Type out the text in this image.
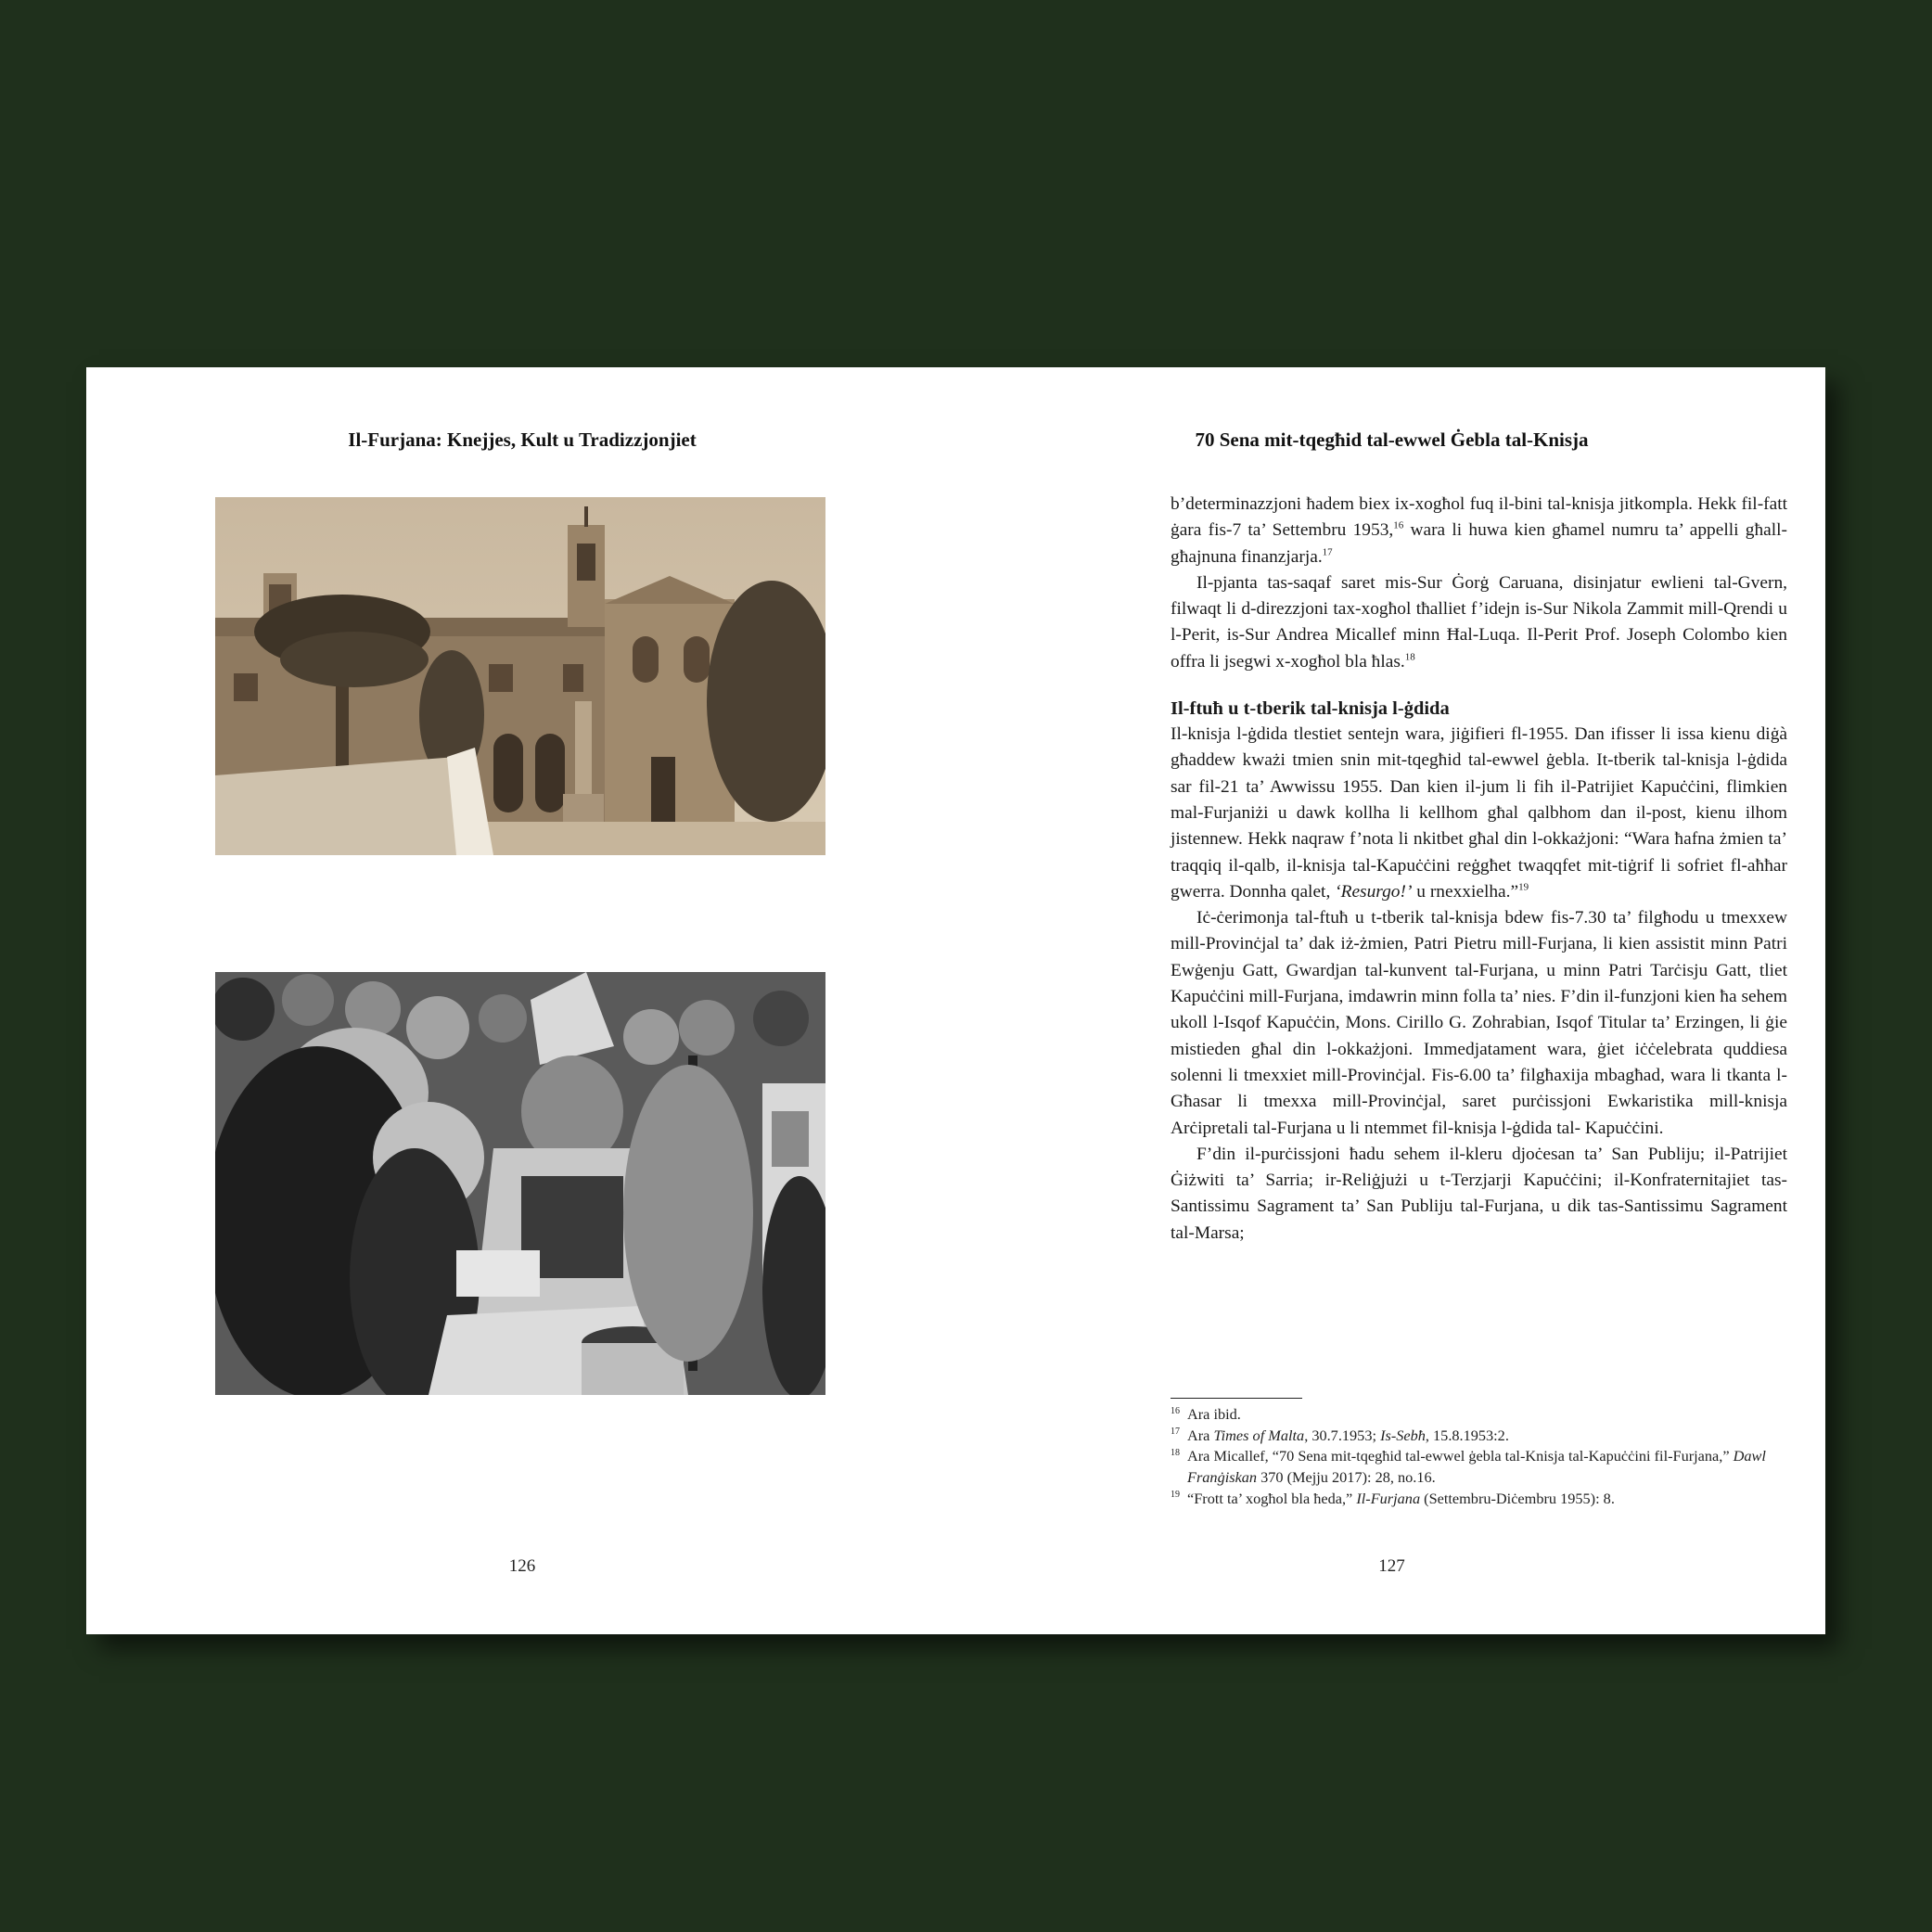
Il-Furjana: Knejjes, Kult u Tradizzjonjiet
126
70 Sena mit-tqegħid tal-ewwel Ġebla tal-Knisja

b’determinazzjoni ħadem biex ix-xogħol fuq il-bini tal-knisja jitkompla. Hekk fil-fatt ġara fis-7 ta’ Settembru 1953,16 wara li huwa kien għamel numru ta’ appelli għall-għajnuna finanzjarja.$^{17}$

Il-pjanta tas-saqaf saret mis-Sur Ġorġ Caruana, disinjatur ewlieni tal-Gvern, filwaqt li d-direzzjoni tax-xogħol tħalliet f’idejn is-Sur Nikola Zammit mill-Qrendi u l-Perit, is-Sur Andrea Micallef minn Ħal-Luqa. Il-Perit Prof. Joseph Colombo kien offra li jsegwi x-xogħol bla ħlas.$^{18}$

Il-ftuħ u t-tberik tal-knisja l-ġdida

Il-knisja l-ġdida tlestiet sentejn wara, jiġifieri fl-1955. Dan ifisser li issa kienu diġà għaddew kważi tmien snin mit-tqegħid tal-ewwel ġebla. It-tberik tal-knisja l-ġdida sar fil-21 ta’ Awwissu 1955. Dan kien il-jum li fih il-Patrijiet Kapuċċini, flimkien mal-Furjaniżi u dawk kollha li kellhom għal qalbhom dan il-post, kienu ilhom jistennew. Hekk naqraw f’nota li nkitbet għal din l-okkażjoni: “Wara ħafna żmien ta’ traqqiq il-qalb, il-knisja tal-Kapuċċini reġgħet twaqqfet mit-tiġrif li sofriet fl-aħħar gwerra. Donnha qalet, ‘Resurgo!’ u rnexxielha.”$^{19}$

Iċ-ċerimonja tal-ftuħ u t-tberik tal-knisja bdew fis-7.30 ta’ filgħodu u tmexxew mill-Provinċjal ta’ dak iż-żmien, Patri Pietru mill-Furjana, li kien assistit minn Patri Ewġenju Gatt, Gwardjan tal-kunvent tal-Furjana, u minn Patri Tarċisju Gatt, tliet Kapuċċini mill-Furjana, imdawrin minn folla ta’ nies. F’din il-funzjoni kien ħa sehem ukoll l-Isqof Kapuċċin, Mons. Cirillo G. Zohrabian, Isqof Titular ta’ Erzingen, li ġie mistieden għal din l-okkażjoni. Immedjatament wara, ġiet iċċelebrata quddiesa solenni li tmexxiet mill-Provinċjal. Fis-6.00 ta’ filgħaxija mbagħad, wara li tkanta l-Għasar li tmexxa mill-Provinċjal, saret purċissjoni Ewkaristika mill-knisja Arċipretali tal-Furjana u li ntemmet fil-knisja l-ġdida tal- Kapuċċini.

F’din il-purċissjoni ħadu sehem il-kleru djoċesan ta’ San Publiju; il-Patrijiet Ġiżwiti ta’ Sarria; ir-Reliġjużi u t-Terzjarji Kapuċċini; il-Konfraternitajiet tas-Santissimu Sagrament ta’ San Publiju tal-Furjana, u dik tas-Santissimu Sagrament tal-Marsa;

16 Ara ibid.
17 Ara Times of Malta, 30.7.1953; Is-Sebħ, 15.8.1953:2.
18 Ara Micallef, “70 Sena mit-tqegħid tal-ewwel ġebla tal-Knisja tal-Kapuċċini fil-Furjana,” Dawl Franġiskan 370 (Mejju 2017): 28, no.16.
19 “Frott ta’ xogħol bla ħeda,” Il-Furjana (Settembru-Diċembru 1955): 8.
127
